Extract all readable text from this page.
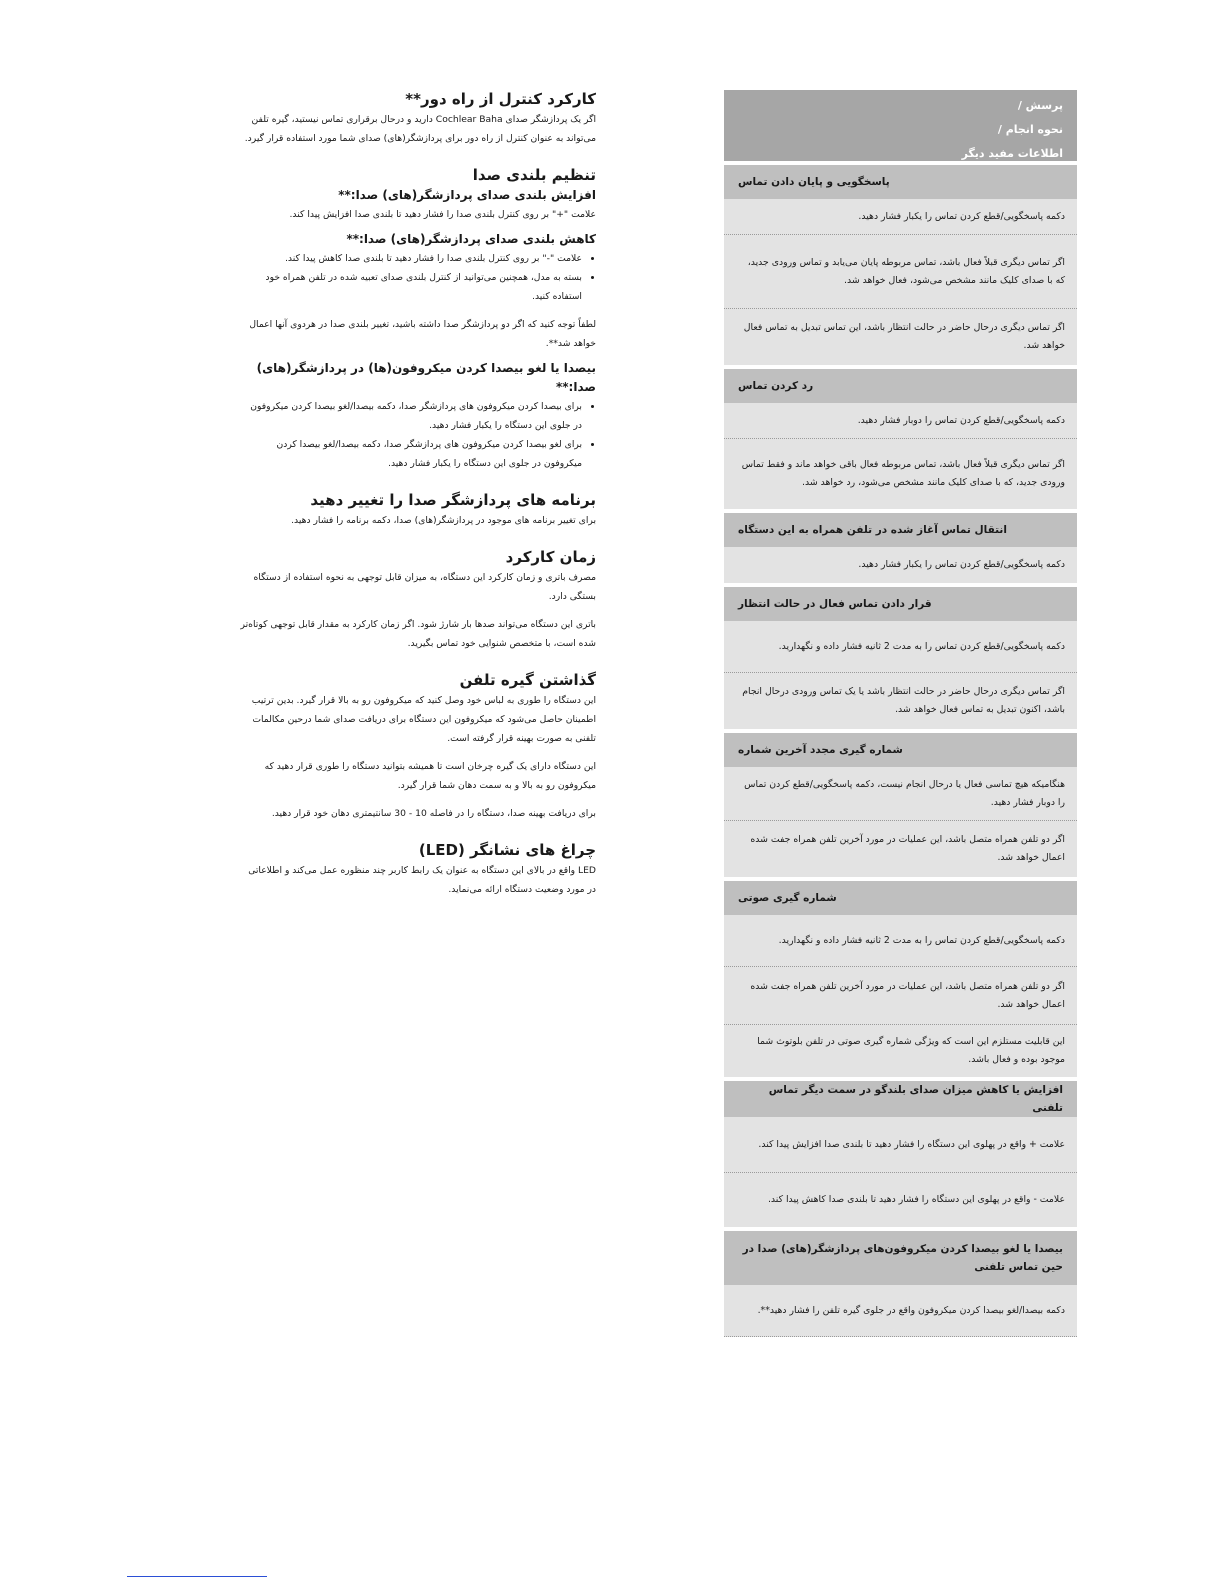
کارکرد کنترل از راه دور**

اگر یک پردازشگر صدای Cochlear Baha دارید و درحال برقراری تماس نیستید، گیره تلفن می‌تواند به عنوان کنترل از راه دور برای پردازشگر(های) صدای شما مورد استفاده قرار گیرد.

تنظیم بلندی صدا
افزایش بلندی صدای پردازشگر(های) صدا:**

علامت "+" بر روی کنترل بلندی صدا را فشار دهید تا بلندی صدا افزایش پیدا کند.

کاهش بلندی صدای پردازشگر(های) صدا:**
• علامت "-" بر روی کنترل بلندی صدا را فشار دهید تا بلندی صدا کاهش پیدا کند.
• بسته به مدل، همچنین می‌توانید از کنترل بلندی صدای تعبیه شده در تلفن همراه خود استفاده کنید.

لطفاً توجه کنید که اگر دو پردازشگر صدا داشته باشید، تغییر بلندی صدا در هردوی آنها اعمال خواهد شد**.

بیصدا یا لغو بیصدا کردن میکروفون(ها) در پردازشگر(های) صدا:**
• برای بیصدا کردن میکروفون های پردازشگر صدا، دکمه بیصدا/لغو بیصدا کردن میکروفون در جلوی این دستگاه را یکبار فشار دهید.
• برای لغو بیصدا کردن میکروفون های پردازشگر صدا، دکمه بیصدا/لغو بیصدا کردن میکروفون در جلوی این دستگاه را یکبار فشار دهید.
برنامه های پردازشگر صدا را تغییر دهید

برای تغییر برنامه های موجود در پردازشگر(های) صدا، دکمه برنامه را فشار دهید.

زمان کارکرد

مصرف باتری و زمان کارکرد این دستگاه، به میزان قابل توجهی به نحوه استفاده از دستگاه بستگی دارد.

باتری این دستگاه می‌تواند صدها بار شارژ شود. اگر زمان کارکرد به مقدار قابل توجهی کوتاه‌تر شده است، با متخصص شنوایی خود تماس بگیرید.

گذاشتن گیره تلفن

این دستگاه را طوری به لباس خود وصل کنید که میکروفون رو به بالا قرار گیرد. بدین ترتیب اطمینان حاصل می‌شود که میکروفون این دستگاه برای دریافت صدای شما درحین مکالمات تلفنی به صورت بهینه قرار گرفته است.

این دستگاه دارای یک گیره چرخان است تا همیشه بتوانید دستگاه را طوری قرار دهید که میکروفون رو به بالا و به سمت دهان شما قرار گیرد.

برای دریافت بهینه صدا، دستگاه را در فاصله 10 - 30 سانتیمتری دهان خود قرار دهید.

چراغ های نشانگر (LED)

LED واقع در بالای این دستگاه به عنوان یک رابط کاربر چند منظوره عمل می‌کند و اطلاعاتی در مورد وضعیت دستگاه ارائه می‌نماید.

پرسش /
نحوه انجام /
اطلاعات مفید دیگر
پاسخگویی و پایان دادن تماس
دکمه پاسخگویی/قطع کردن تماس را یکبار فشار دهید.
اگر تماس دیگری قبلاً فعال باشد، تماس مربوطه پایان می‌یابد و تماس ورودی جدید، که با صدای کلیک مانند مشخص می‌شود، فعال خواهد شد.
اگر تماس دیگری درحال حاضر در حالت انتظار باشد، این تماس تبدیل به تماس فعال خواهد شد.
رد کردن تماس
دکمه پاسخگویی/قطع کردن تماس را دوبار فشار دهید.
اگر تماس دیگری قبلاً فعال باشد، تماس مربوطه فعال باقی خواهد ماند و فقط تماس ورودی جدید، که با صدای کلیک مانند مشخص می‌شود، رد خواهد شد.
انتقال تماس آغاز شده در تلفن همراه به این دستگاه
دکمه پاسخگویی/قطع کردن تماس را یکبار فشار دهید.
قرار دادن تماس فعال در حالت انتظار
دکمه پاسخگویی/قطع کردن تماس را به مدت 2 ثانیه فشار داده و نگهدارید.
اگر تماس دیگری درحال حاضر در حالت انتظار باشد یا یک تماس ورودی درحال انجام باشد، اکنون تبدیل به تماس فعال خواهد شد.
شماره گیری مجدد آخرین شماره
هنگامیکه هیچ تماسی فعال یا درحال انجام نیست، دکمه پاسخگویی/قطع کردن تماس را دوبار فشار دهید.
اگر دو تلفن همراه متصل باشد، این عملیات در مورد آخرین تلفن همراه جفت شده اعمال خواهد شد.
شماره گیری صوتی
دکمه پاسخگویی/قطع کردن تماس را به مدت 2 ثانیه فشار داده و نگهدارید.
اگر دو تلفن همراه متصل باشد، این عملیات در مورد آخرین تلفن همراه جفت شده اعمال خواهد شد.
این قابلیت مستلزم این است که ویژگی شماره گیری صوتی در تلفن بلوتوث شما موجود بوده و فعال باشد.
افزایش یا کاهش میزان صدای بلندگو در سمت دیگر تماس تلفنی
علامت + واقع در پهلوی این دستگاه را فشار دهید تا بلندی صدا افزایش پیدا کند.
علامت - واقع در پهلوی این دستگاه را فشار دهید تا بلندی صدا کاهش پیدا کند.
بیصدا یا لغو بیصدا کردن میکروفون‌های پردازشگر(های) صدا در حین تماس تلفنی
دکمه بیصدا/لغو بیصدا کردن میکروفون واقع در جلوی گیره تلفن را فشار دهید**.
